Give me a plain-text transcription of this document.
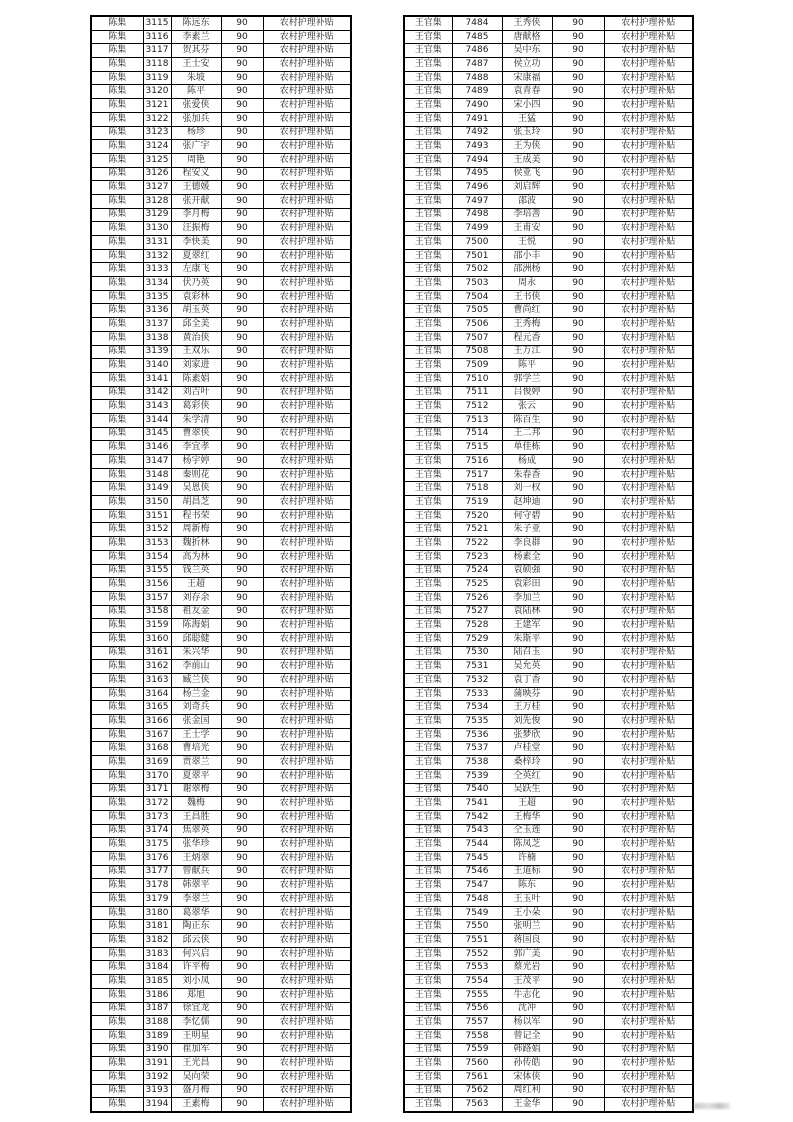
陈集	3115	陈远东	90	农村护理补贴
陈集	3116	李素兰	90	农村护理补贴
陈集	3117	贺其芬	90	农村护理补贴
陈集	3118	王士安	90	农村护理补贴
陈集	3119	朱坡	90	农村护理补贴
陈集	3120	陈平	90	农村护理补贴
陈集	3121	张爱侠	90	农村护理补贴
陈集	3122	张加兵	90	农村护理补贴
陈集	3123	杨珍	90	农村护理补贴
陈集	3124	张广宇	90	农村护理补贴
陈集	3125	周艳	90	农村护理补贴
陈集	3126	程安义	90	农村护理补贴
陈集	3127	王德媛	90	农村护理补贴
陈集	3128	张开献	90	农村护理补贴
陈集	3129	李月梅	90	农村护理补贴
陈集	3130	汪振梅	90	农村护理补贴
陈集	3131	李快美	90	农村护理补贴
陈集	3132	夏翠红	90	农村护理补贴
陈集	3133	左康飞	90	农村护理补贴
陈集	3134	伏乃英	90	农村护理补贴
陈集	3135	袁彩林	90	农村护理补贴
陈集	3136	胡玉英	90	农村护理补贴
陈集	3137	邱全美	90	农村护理补贴
陈集	3138	黄治侠	90	农村护理补贴
陈集	3139	王双乐	90	农村护理补贴
陈集	3140	刘家进	90	农村护理补贴
陈集	3141	陈素娟	90	农村护理补贴
陈集	3142	刘吉叶	90	农村护理补贴
陈集	3143	葛彩侠	90	农村护理补贴
陈集	3144	朱学清	90	农村护理补贴
陈集	3145	曹翠侠	90	农村护理补贴
陈集	3146	李宜孝	90	农村护理补贴
陈集	3147	杨宇婷	90	农村护理补贴
陈集	3148	秦则花	90	农村护理补贴
陈集	3149	吴恩侠	90	农村护理补贴
陈集	3150	胡昌芝	90	农村护理补贴
陈集	3151	程书荣	90	农村护理补贴
陈集	3152	周新梅	90	农村护理补贴
陈集	3153	魏折林	90	农村护理补贴
陈集	3154	高为林	90	农村护理补贴
陈集	3155	钱兰英	90	农村护理补贴
陈集	3156	王超	90	农村护理补贴
陈集	3157	刘存余	90	农村护理补贴
陈集	3158	祖友金	90	农村护理补贴
陈集	3159	陈海娟	90	农村护理补贴
陈集	3160	邱聪健	90	农村护理补贴
陈集	3161	朱兴华	90	农村护理补贴
陈集	3162	李前山	90	农村护理补贴
陈集	3163	臧兰侠	90	农村护理补贴
陈集	3164	杨兰金	90	农村护理补贴
陈集	3165	刘奇兵	90	农村护理补贴
陈集	3166	张金国	90	农村护理补贴
陈集	3167	王士学	90	农村护理补贴
陈集	3168	曹培光	90	农村护理补贴
陈集	3169	贾翠兰	90	农村护理补贴
陈集	3170	夏翠平	90	农村护理补贴
陈集	3171	谢翠梅	90	农村护理补贴
陈集	3172	魏梅	90	农村护理补贴
陈集	3173	王昌胜	90	农村护理补贴
陈集	3174	焦翠英	90	农村护理补贴
陈集	3175	张华珍	90	农村护理补贴
陈集	3176	王炳翠	90	农村护理补贴
陈集	3177	曾献兵	90	农村护理补贴
陈集	3178	韩翠平	90	农村护理补贴
陈集	3179	李翠兰	90	农村护理补贴
陈集	3180	葛翠华	90	农村护理补贴
陈集	3181	陶正东	90	农村护理补贴
陈集	3182	邱云侠	90	农村护理补贴
陈集	3183	何兴启	90	农村护理补贴
陈集	3184	许平梅	90	农村护理补贴
陈集	3185	刘小凤	90	农村护理补贴
陈集	3186	郑旭	90	农村护理补贴
陈集	3187	徐宜龙	90	农村护理补贴
陈集	3188	李忆儒	90	农村护理补贴
陈集	3189	王明星	90	农村护理补贴
陈集	3190	崔加军	90	农村护理补贴
陈集	3191	王光昌	90	农村护理补贴
陈集	3192	吴向荣	90	农村护理补贴
陈集	3193	盛月梅	90	农村护理补贴
陈集	3194	王素梅	90	农村护理补贴
王官集	7484	王秀侠	90	农村护理补贴
王官集	7485	唐献格	90	农村护理补贴
王官集	7486	吴中东	90	农村护理补贴
王官集	7487	侯立功	90	农村护理补贴
王官集	7488	宋康福	90	农村护理补贴
王官集	7489	袁青春	90	农村护理补贴
王官集	7490	宋小四	90	农村护理补贴
王官集	7491	王猛	90	农村护理补贴
王官集	7492	张玉玲	90	农村护理补贴
王官集	7493	王为侠	90	农村护理补贴
王官集	7494	王成美	90	农村护理补贴
王官集	7495	侯亚飞	90	农村护理补贴
王官集	7496	刘启辉	90	农村护理补贴
王官集	7497	邵波	90	农村护理补贴
王官集	7498	李培善	90	农村护理补贴
王官集	7499	王甫安	90	农村护理补贴
王官集	7500	王悦	90	农村护理补贴
王官集	7501	邵小丰	90	农村护理补贴
王官集	7502	邵洲杨	90	农村护理补贴
王官集	7503	周永	90	农村护理补贴
王官集	7504	王书侠	90	农村护理补贴
王官集	7505	曹尚红	90	农村护理补贴
王官集	7506	王秀梅	90	农村护理补贴
王官集	7507	程元香	90	农村护理补贴
王官集	7508	王万江	90	农村护理补贴
王官集	7509	陈平	90	农村护理补贴
王官集	7510	郭学兰	90	农村护理补贴
王官集	7511	吕俊婷	90	农村护理补贴
王官集	7512	张云	90	农村护理补贴
王官集	7513	陈百生	90	农村护理补贴
王官集	7514	王二邦	90	农村护理补贴
王官集	7515	单佳栋	90	农村护理补贴
王官集	7516	杨成	90	农村护理补贴
王官集	7517	朱春香	90	农村护理补贴
王官集	7518	刘一权	90	农村护理补贴
王官集	7519	赵坤迪	90	农村护理补贴
王官集	7520	何守碧	90	农村护理补贴
王官集	7521	朱子亚	90	农村护理补贴
王官集	7522	李良群	90	农村护理补贴
王官集	7523	杨素全	90	农村护理补贴
王官集	7524	袁硕强	90	农村护理补贴
王官集	7525	袁彩田	90	农村护理补贴
王官集	7526	李加兰	90	农村护理补贴
王官集	7527	袁陆林	90	农村护理补贴
王官集	7528	王建军	90	农村护理补贴
王官集	7529	朱斯平	90	农村护理补贴
王官集	7530	陆召玉	90	农村护理补贴
王官集	7531	吴允英	90	农村护理补贴
王官集	7532	袁丁香	90	农村护理补贴
王官集	7533	蒲映芬	90	农村护理补贴
王官集	7534	王万桂	90	农村护理补贴
王官集	7535	刘先俊	90	农村护理补贴
王官集	7536	张梦欣	90	农村护理补贴
王官集	7537	卢桂堂	90	农村护理补贴
王官集	7538	桑梓玲	90	农村护理补贴
王官集	7539	仝英红	90	农村护理补贴
王官集	7540	吴跃生	90	农村护理补贴
王官集	7541	王超	90	农村护理补贴
王官集	7542	王梅华	90	农村护理补贴
王官集	7543	仝玉莲	90	农村护理补贴
王官集	7544	陈凤芝	90	农村护理补贴
王官集	7545	许楠	90	农村护理补贴
王官集	7546	王道标	90	农村护理补贴
王官集	7547	陈东	90	农村护理补贴
王官集	7548	王玉叶	90	农村护理补贴
王官集	7549	王小朵	90	农村护理补贴
王官集	7550	张明兰	90	农村护理补贴
王官集	7551	蒋国良	90	农村护理补贴
王官集	7552	郭广美	90	农村护理补贴
王官集	7553	蔡光岩	90	农村护理补贴
王官集	7554	王茂平	90	农村护理补贴
王官集	7555	牛志化	90	农村护理补贴
王官集	7556	沈冲	90	农村护理补贴
王官集	7557	杨以军	90	农村护理补贴
王官集	7558	曾记全	90	农村护理补贴
王官集	7559	韩路娟	90	农村护理补贴
王官集	7560	孙传皓	90	农村护理补贴
王官集	7561	宋体侠	90	农村护理补贴
王官集	7562	周红利	90	农村护理补贴
王官集	7563	王金华	90	农村护理补贴
